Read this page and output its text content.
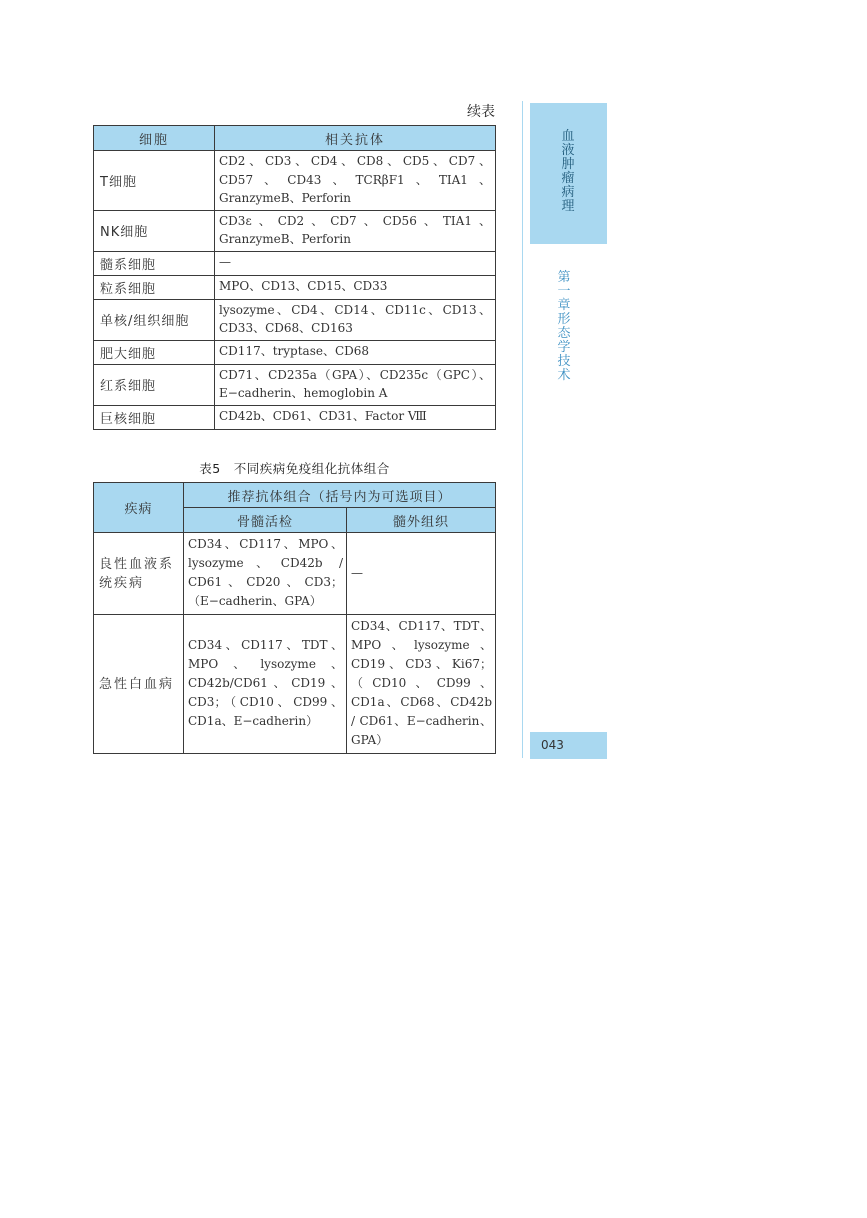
续表
细胞	相关抗体
T细胞	CD2、CD3、CD4、CD8、CD5、CD7、CD57、CD43、TCRβF1、TIA1、GranzymeB、Perforin
NK细胞	CD3ε、CD2、CD7、CD56、TIA1、GranzymeB、Perforin
髓系细胞	—
粒系细胞	MPO、CD13、CD15、CD33
单核/组织细胞	lysozyme、CD4、CD14、CD11c、CD13、CD33、CD68、CD163
肥大细胞	CD117、tryptase、CD68
红系细胞	CD71、CD235a（GPA）、CD235c（GPC）、E−cadherin、hemoglobin A
巨核细胞	CD42b、CD61、CD31、Factor Ⅷ
表5　不同疾病免疫组化抗体组合
疾病	推荐抗体组合（括号内为可选项目）	
	骨髓活检	髓外组织
良性血液系统疾病	CD34、CD117、MPO、lysozyme、CD42b / CD61、CD20、CD3；（E−cadherin、GPA）	—
急性白血病	CD34、CD117、TDT、MPO、lysozyme、CD42b/CD61、CD19、CD3；（CD10、CD99、CD1a、E−cadherin）	CD34、CD117、TDT、MPO、lysozyme、CD19、CD3、Ki67；（CD10、CD99、CD1a、CD68、CD42b / CD61、E−cadherin、GPA）
血液肿瘤病理
第一章　形态学技术
043
